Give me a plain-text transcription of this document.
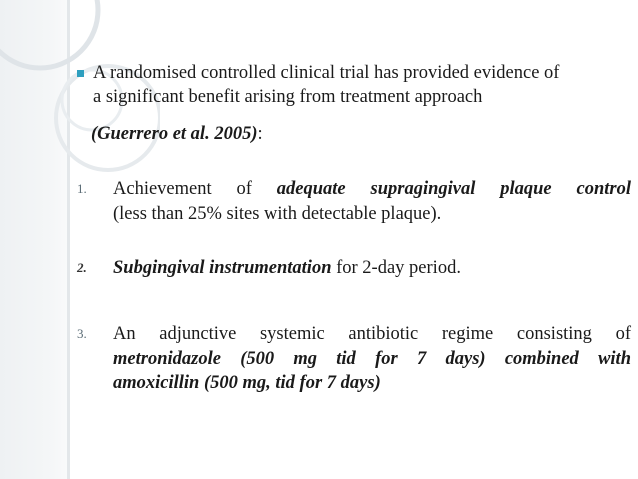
A randomised controlled clinical trial has provided evidence of
a significant benefit arising from treatment approach
(Guerrero et al. 2005):
1. Achievement of adequate supragingival plaque control
(less than 25% sites with detectable plaque).
2. Subgingival instrumentation for 2-day period.
3. An adjunctive systemic antibiotic regime consisting of
metronidazole (500 mg tid for 7 days) combined with
amoxicillin (500 mg, tid for 7 days)
